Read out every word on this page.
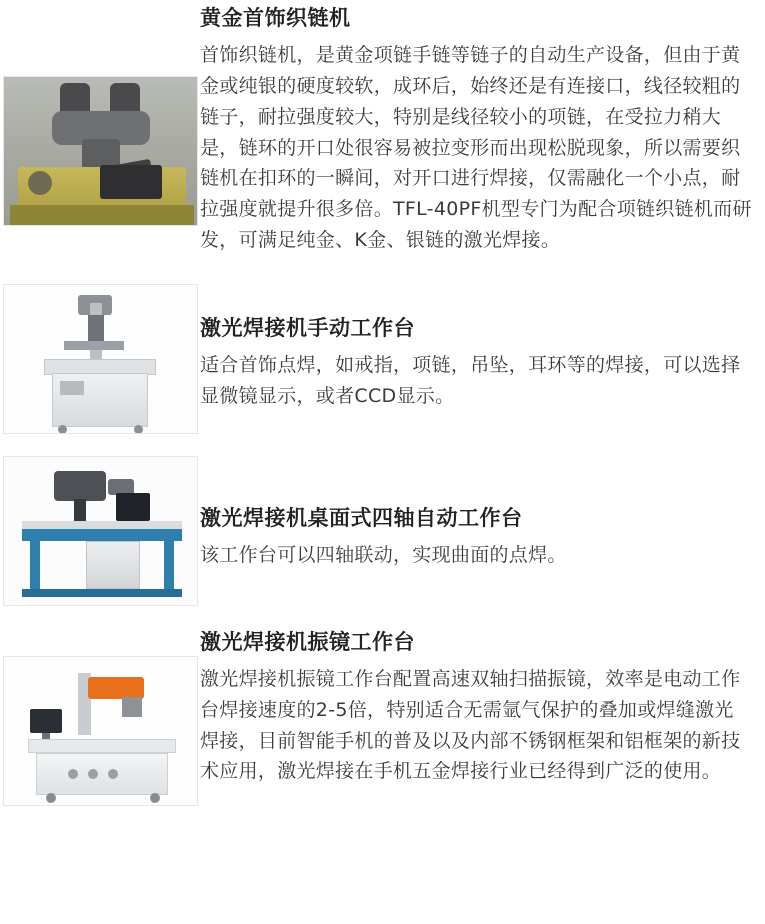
黄金首饰织链机

首饰织链机，是黄金项链手链等链子的自动生产设备，但由于黄金或纯银的硬度较软，成环后，始终还是有连接口，线径较粗的链子，耐拉强度较大，特别是线径较小的项链，在受拉力稍大是，链环的开口处很容易被拉变形而出现松脱现象，所以需要织链机在扣环的一瞬间，对开口进行焊接，仅需融化一个小点，耐拉强度就提升很多倍。TFL-40PF机型专门为配合项链织链机而研发，可满足纯金、K金、银链的激光焊接。

激光焊接机手动工作台

适合首饰点焊，如戒指，项链，吊坠，耳环等的焊接，可以选择显微镜显示，或者CCD显示。

激光焊接机桌面式四轴自动工作台

该工作台可以四轴联动，实现曲面的点焊。

激光焊接机振镜工作台

激光焊接机振镜工作台配置高速双轴扫描振镜，效率是电动工作台焊接速度的2-5倍，特别适合无需氩气保护的叠加或焊缝激光焊接，目前智能手机的普及以及内部不锈钢框架和铝框架的新技术应用，激光焊接在手机五金焊接行业已经得到广泛的使用。
